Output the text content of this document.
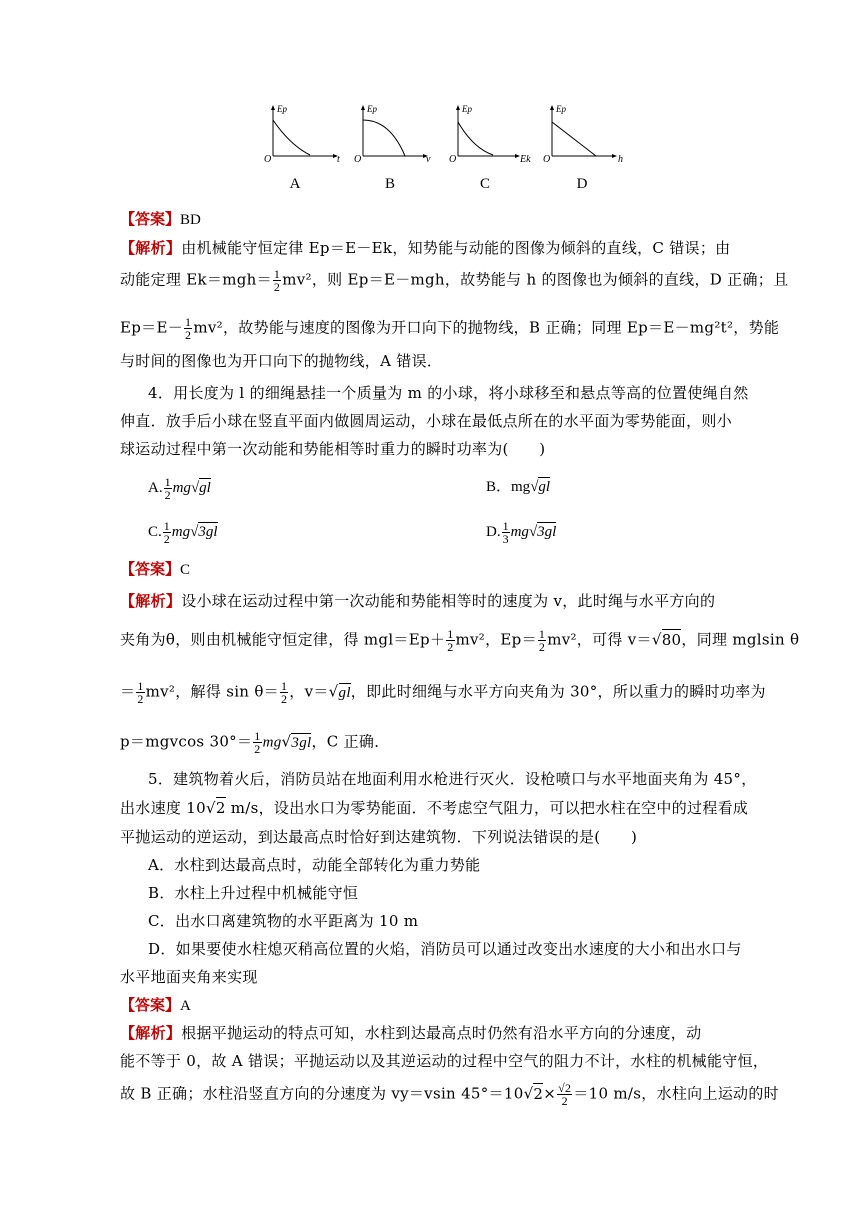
Ep
O	t
A
Ep
O	v
B
Ep
O	Ek
C
Ep
O	h
D
【答案】BD
【解析】由机械能守恒定律 Ep＝E－Ek，知势能与动能的图像为倾斜的直线，C 错误；由
动能定理 $Ek=mgh= \frac{1}{2} mv^2$，则 Ep＝E－mgh，故势能与 h 的图像也为倾斜的直线，D 正确；且
$Ep=E- \frac{1}{2} mv^2$，故势能与速度的图像为开口向下的抛物线，B 正确；同理 Ep＝E－mg²t²，势能
与时间的图像也为开口向下的抛物线，A 错误．
4．用长度为 l 的细绳悬挂一个质量为 m 的小球，将小球移至和悬点等高的位置使绳自然
伸直．放手后小球在竖直平面内做圆周运动，小球在最低点所在的水平面为零势能面，则小
球运动过程中第一次动能和势能相等时重力的瞬时功率为(　　)
A. $\frac{1}{2} mg√gl$	B．mg√gl
C. $\frac{1}{2} mg√3gl$	D. $\frac{1}{3} mg√3gl$
【答案】C
【解析】设小球在运动过程中第一次动能和势能相等时的速度为 v，此时绳与水平方向的
夹角为θ，则由机械能守恒定律，得 $mgl=Ep+ \frac{1}{2} mv^2$，$Ep= \frac{1}{2} mv^2$，可得 v＝√80，同理 mglsin θ
＝ $\frac{1}{2} mv^2$，解得 $\sin \theta= \frac{1}{2}$ ，v＝√gl，即此时细绳与水平方向夹角为 30°，所以重力的瞬时功率为
p＝mgvcos $30^\circ= \frac{1}{2} mg√3gl$，C 正确．
5．建筑物着火后，消防员站在地面利用水枪进行灭火．设枪喷口与水平地面夹角为 45°，
出水速度 10√2 m/s，设出水口为零势能面．不考虑空气阻力，可以把水柱在空中的过程看成
平抛运动的逆运动，到达最高点时恰好到达建筑物．下列说法错误的是(　　)
A．水柱到达最高点时，动能全部转化为重力势能
B．水柱上升过程中机械能守恒
C．出水口离建筑物的水平距离为 10 m
D．如果要使水柱熄灭稍高位置的火焰，消防员可以通过改变出水速度的大小和出水口与
水平地面夹角来实现
【答案】A
【解析】根据平抛运动的特点可知，水柱到达最高点时仍然有沿水平方向的分速度，动
能不等于 0，故 A 错误；平抛运动以及其逆运动的过程中空气的阻力不计，水柱的机械能守恒，
故 B 正确；水柱沿竖直方向的分速度为 vy＝vsin $45^\circ=10√2\times \frac{√2}{2} =10$ m/s，水柱向上运动的时
